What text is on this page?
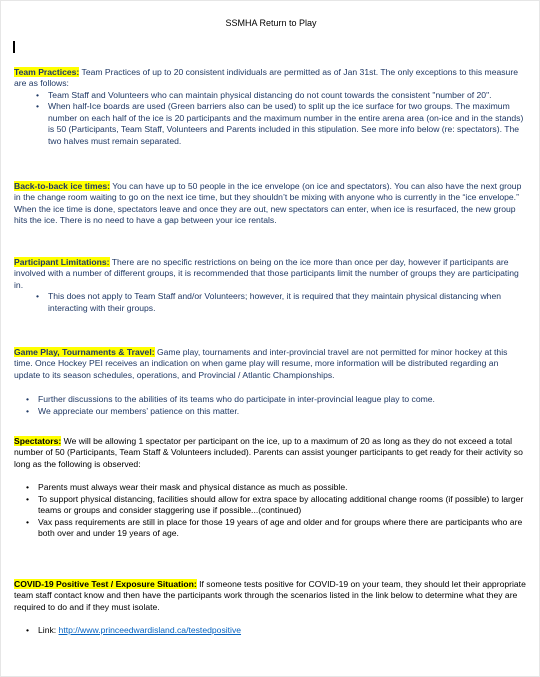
SSMHA Return to Play

Team Practices: Team Practices of up to 20 consistent individuals are permitted as of Jan 31st. The only exceptions to this measure are as follows:

• Team Staff and Volunteers who can maintain physical distancing do not count towards the consistent "number of 20".
• When half-Ice boards are used (Green barriers also can be used) to split up the ice surface for two groups. The maximum number on each half of the ice is 20 participants and the maximum number in the entire arena area (on-ice and in the stands) is 50 (Participants, Team Staff, Volunteers and Parents included in this stipulation. See more info below (re: spectators). The two halves must remain separated.

Back-to-back ice times: You can have up to 50 people in the ice envelope (on ice and spectators). You can also have the next group in the change room waiting to go on the next ice time, but they shouldn’t be mixing with anyone who is currently in the “ice envelope.” When the ice time is done, spectators leave and once they are out, new spectators can enter, when ice is resurfaced, the new group hits the ice. There is no need to have a gap between your ice rentals.

Participant Limitations: There are no specific restrictions on being on the ice more than once per day, however if participants are involved with a number of different groups, it is recommended that those participants limit the number of groups they are participating in.

• This does not apply to Team Staff and/or Volunteers; however, it is required that they maintain physical distancing when interacting with their groups.

Game Play, Tournaments & Travel: Game play, tournaments and inter-provincial travel are not permitted for minor hockey at this time. Once Hockey PEI receives an indication on when game play will resume, more information will be distributed regarding an update to its season schedules, operations, and Provincial / Atlantic Championships.

• Further discussions to the abilities of its teams who do participate in inter-provincial league play to come.
• We appreciate our members’ patience on this matter.

Spectators: We will be allowing 1 spectator per participant on the ice, up to a maximum of 20 as long as they do not exceed a total number of 50 (Participants, Team Staff & Volunteers included). Parents can assist younger participants to get ready for their activity so long as the following is observed:

• Parents must always wear their mask and physical distance as much as possible.
• To support physical distancing, facilities should allow for extra space by allocating additional change rooms (if possible) to larger teams or groups and consider staggering use if possible...(continued)
• Vax pass requirements are still in place for those 19 years of age and older and for groups where there are participants who are both over and under 19 years of age.

COVID-19 Positive Test / Exposure Situation: If someone tests positive for COVID-19 on your team, they should let their appropriate team staff contact know and then have the participants work through the scenarios listed in the link below to determine what they are required to do and if they must isolate.

• Link: http://www.princeedwardisland.ca/testedpositive
